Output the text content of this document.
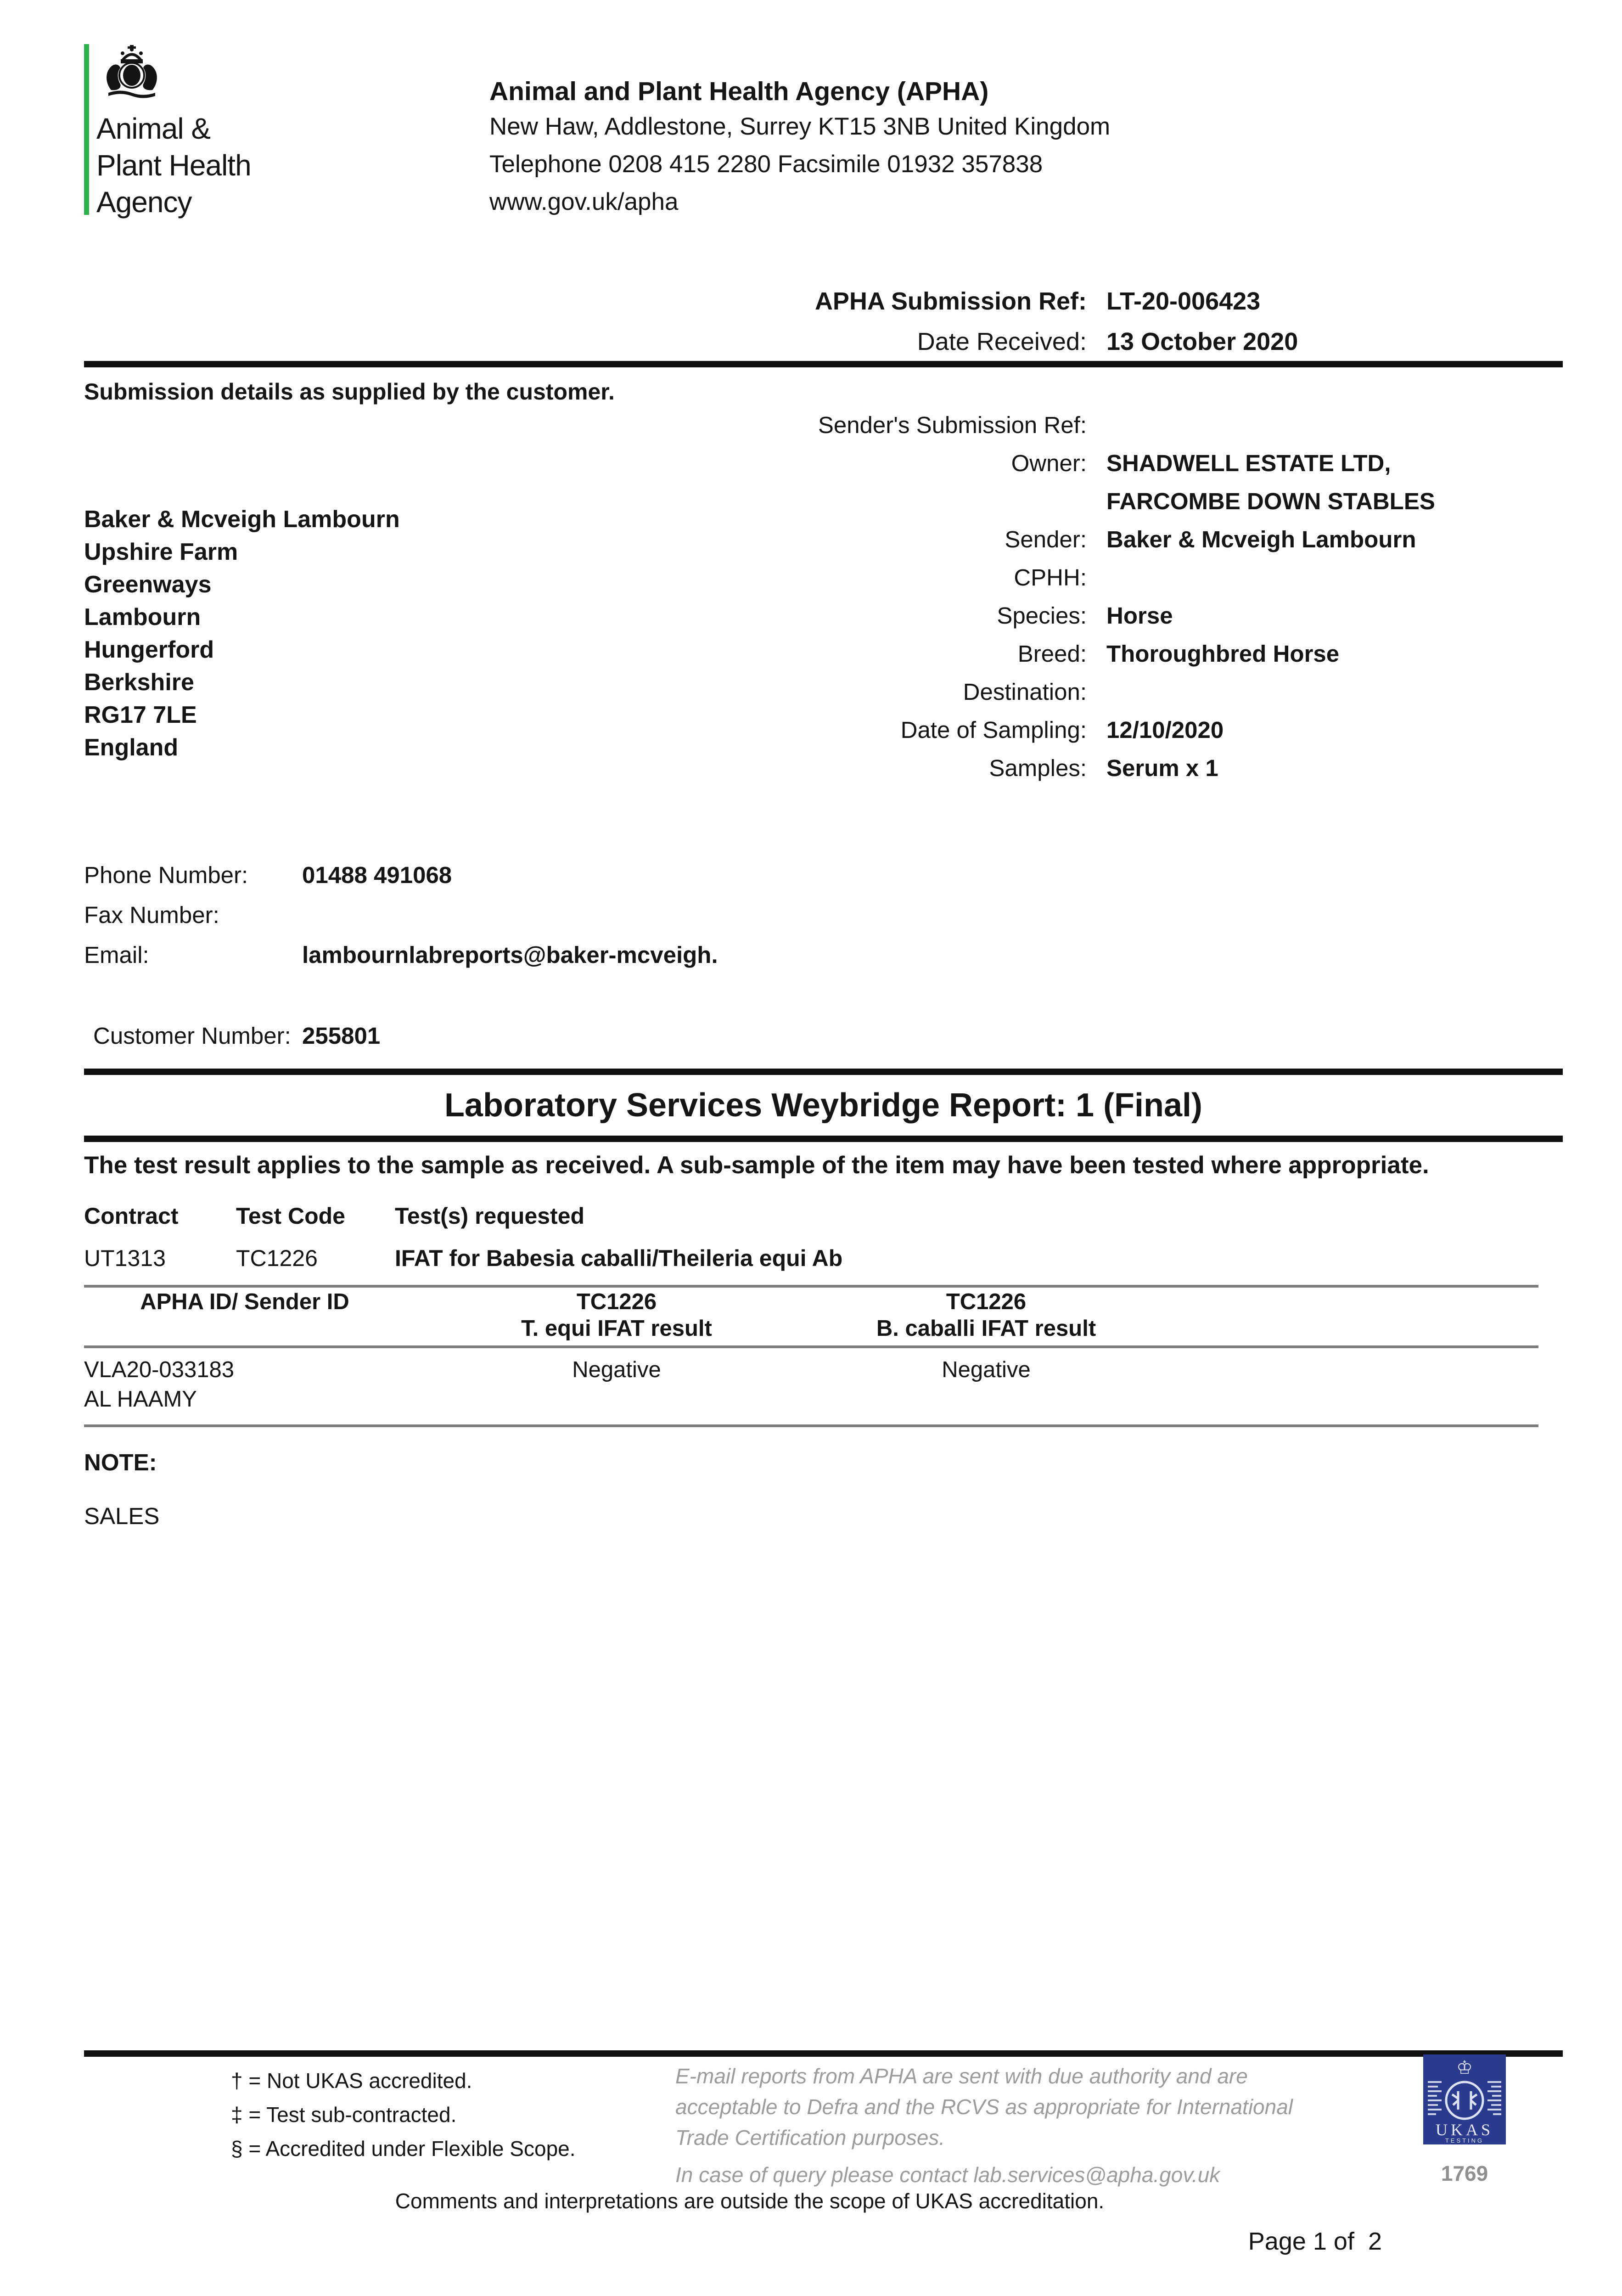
Animal &
Plant Health
Agency
Animal and Plant Health Agency (APHA)
New Haw, Addlestone, Surrey KT15 3NB United Kingdom
Telephone 0208 415 2280 Facsimile 01932 357838
www.gov.uk/apha
APHA Submission Ref: LT-20-006423
Date Received: 13 October 2020
Submission details as supplied by the customer.
Baker & Mcveigh Lambourn
Upshire Farm
Greenways
Lambourn
Hungerford
Berkshire
RG17 7LE
England
Sender's Submission Ref:
Owner: SHADWELL ESTATE LTD,
FARCOMBE DOWN STABLES
Sender: Baker & Mcveigh Lambourn
CPHH:
Species: Horse
Breed: Thoroughbred Horse
Destination:
Date of Sampling: 12/10/2020
Samples: Serum x 1
Phone Number:	01488 491068
Fax Number:
Email:	lambournlabreports@baker-mcveigh.
Customer Number: 255801
Laboratory Services Weybridge Report: 1 (Final)
The test result applies to the sample as received. A sub-sample of the item may have been tested where appropriate.
Contract	Test Code Test(s) requested
UT1313	TC1226	IFAT for Babesia caballi/Theileria equi Ab
APHA ID/ Sender ID	TC1226	TC1226
T. equi IFAT result	B. caballi IFAT result
VLA20-033183	Negative	Negative
AL HAAMY
NOTE:
SALES
† = Not UKAS accredited.
‡ = Test sub-contracted.
§ = Accredited under Flexible Scope.
E-mail reports from APHA are sent with due authority and are
acceptable to Defra and the RCVS as appropriate for International
Trade Certification purposes.
In case of query please contact lab.services@apha.gov.uk
♔
UKAS
TESTING
1769
Comments and interpretations are outside the scope of UKAS accreditation.
Page 1 of  2
